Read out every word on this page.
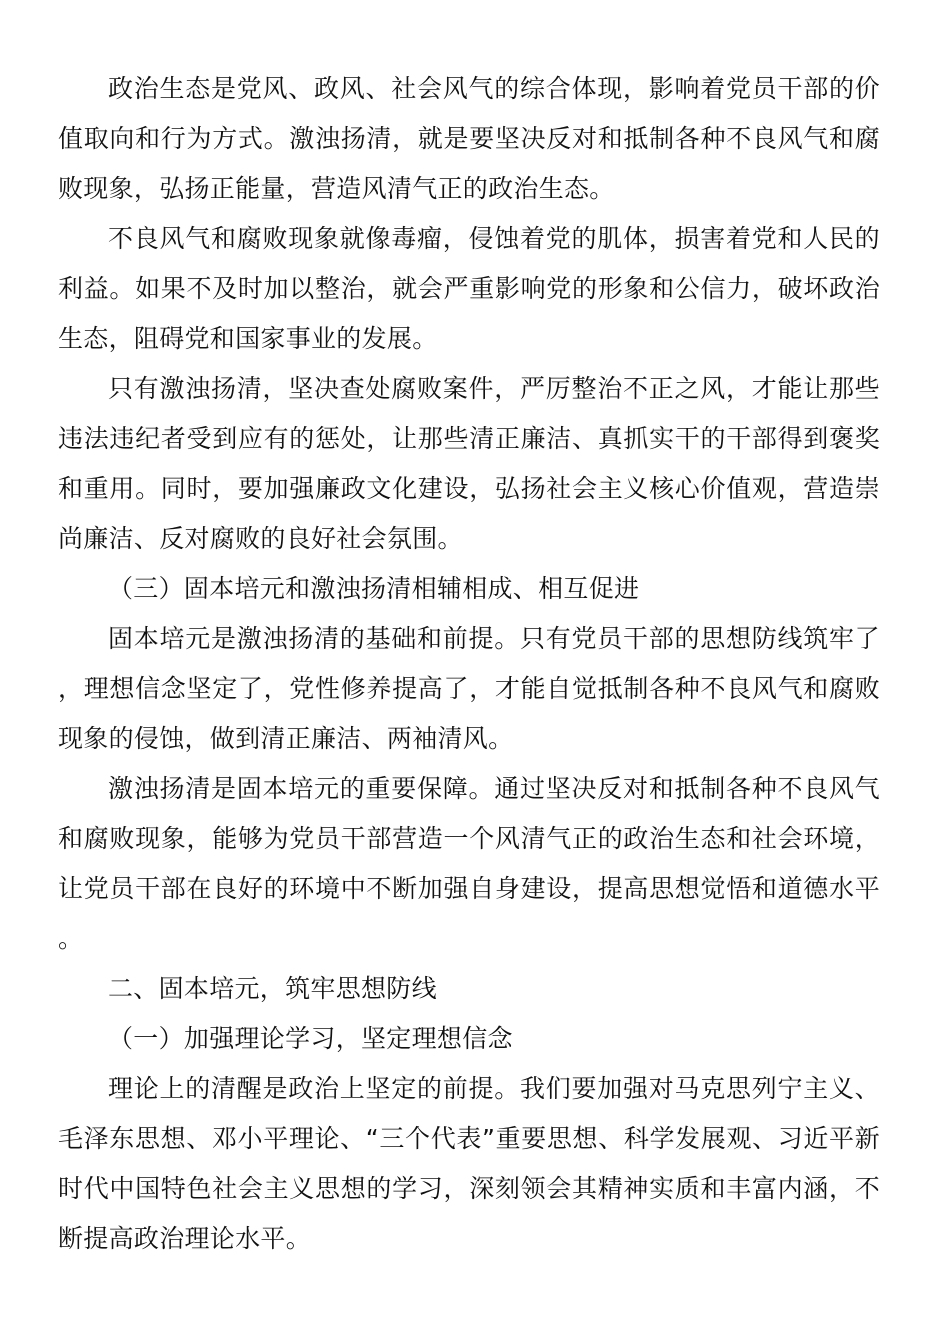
政治生态是党风、政风、社会风气的综合体现，影响着党员干部的价值取向和行为方式。激浊扬清，就是要坚决反对和抵制各种不良风气和腐败现象，弘扬正能量，营造风清气正的政治生态。

不良风气和腐败现象就像毒瘤，侵蚀着党的肌体，损害着党和人民的利益。如果不及时加以整治，就会严重影响党的形象和公信力，破坏政治生态，阻碍党和国家事业的发展。

只有激浊扬清，坚决查处腐败案件，严厉整治不正之风，才能让那些违法违纪者受到应有的惩处，让那些清正廉洁、真抓实干的干部得到褒奖和重用。同时，要加强廉政文化建设，弘扬社会主义核心价值观，营造崇尚廉洁、反对腐败的良好社会氛围。

（三）固本培元和激浊扬清相辅相成、相互促进

固本培元是激浊扬清的基础和前提。只有党员干部的思想防线筑牢了，理想信念坚定了，党性修养提高了，才能自觉抵制各种不良风气和腐败现象的侵蚀，做到清正廉洁、两袖清风。

激浊扬清是固本培元的重要保障。通过坚决反对和抵制各种不良风气和腐败现象，能够为党员干部营造一个风清气正的政治生态和社会环境，让党员干部在良好的环境中不断加强自身建设，提高思想觉悟和道德水平。

二、固本培元，筑牢思想防线

（一）加强理论学习，坚定理想信念

理论上的清醒是政治上坚定的前提。我们要加强对马克思列宁主义、毛泽东思想、邓小平理论、“三个代表”重要思想、科学发展观、习近平新时代中国特色社会主义思想的学习，深刻领会其精神实质和丰富内涵，不断提高政治理论水平。
